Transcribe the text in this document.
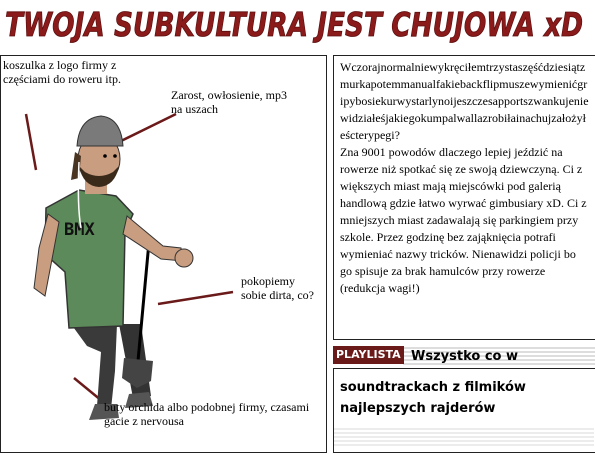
TWOJA SUBKULTURA JEST CHUJOWA xD
BMX
koszulka z logo firmy z częściami do roweru itp.
Zarost, owłosienie, mp3 na uszach
pokopiemy sobie dirta, co?
buty orchida albo podobnej firmy, czasami gacie z nervousa
Wczorajnormalniewykręciłemtrzystaszęśćdziesiątzmurkapotemmanualfakiebackflipmuszewymienićgripybosiekurwystarlynoijeszczesapportszwankujeniewidziałeśjakiegokumpalwallazrobiłainachujzałożyłeścterypegi?
Zna 9001 powodów dlaczego lepiej jeździć na rowerze niż spotkać się ze swoją dziewczyną. Ci z większych miast mają miejscówki pod galerią handlową gdzie łatwo wyrwać gimbusiary xD. Ci z mniejszych miast zadawalają się parkingiem przy szkole. Przez godzinę bez zająknięcia potrafi wymieniać nazwy tricków. Nienawidzi policji bo go spisuje za brak hamulców przy rowerze (redukcja wagi!)
PLAYLISTA Wszystko co w
soundtrackach z filmików najlepszych rajderów
